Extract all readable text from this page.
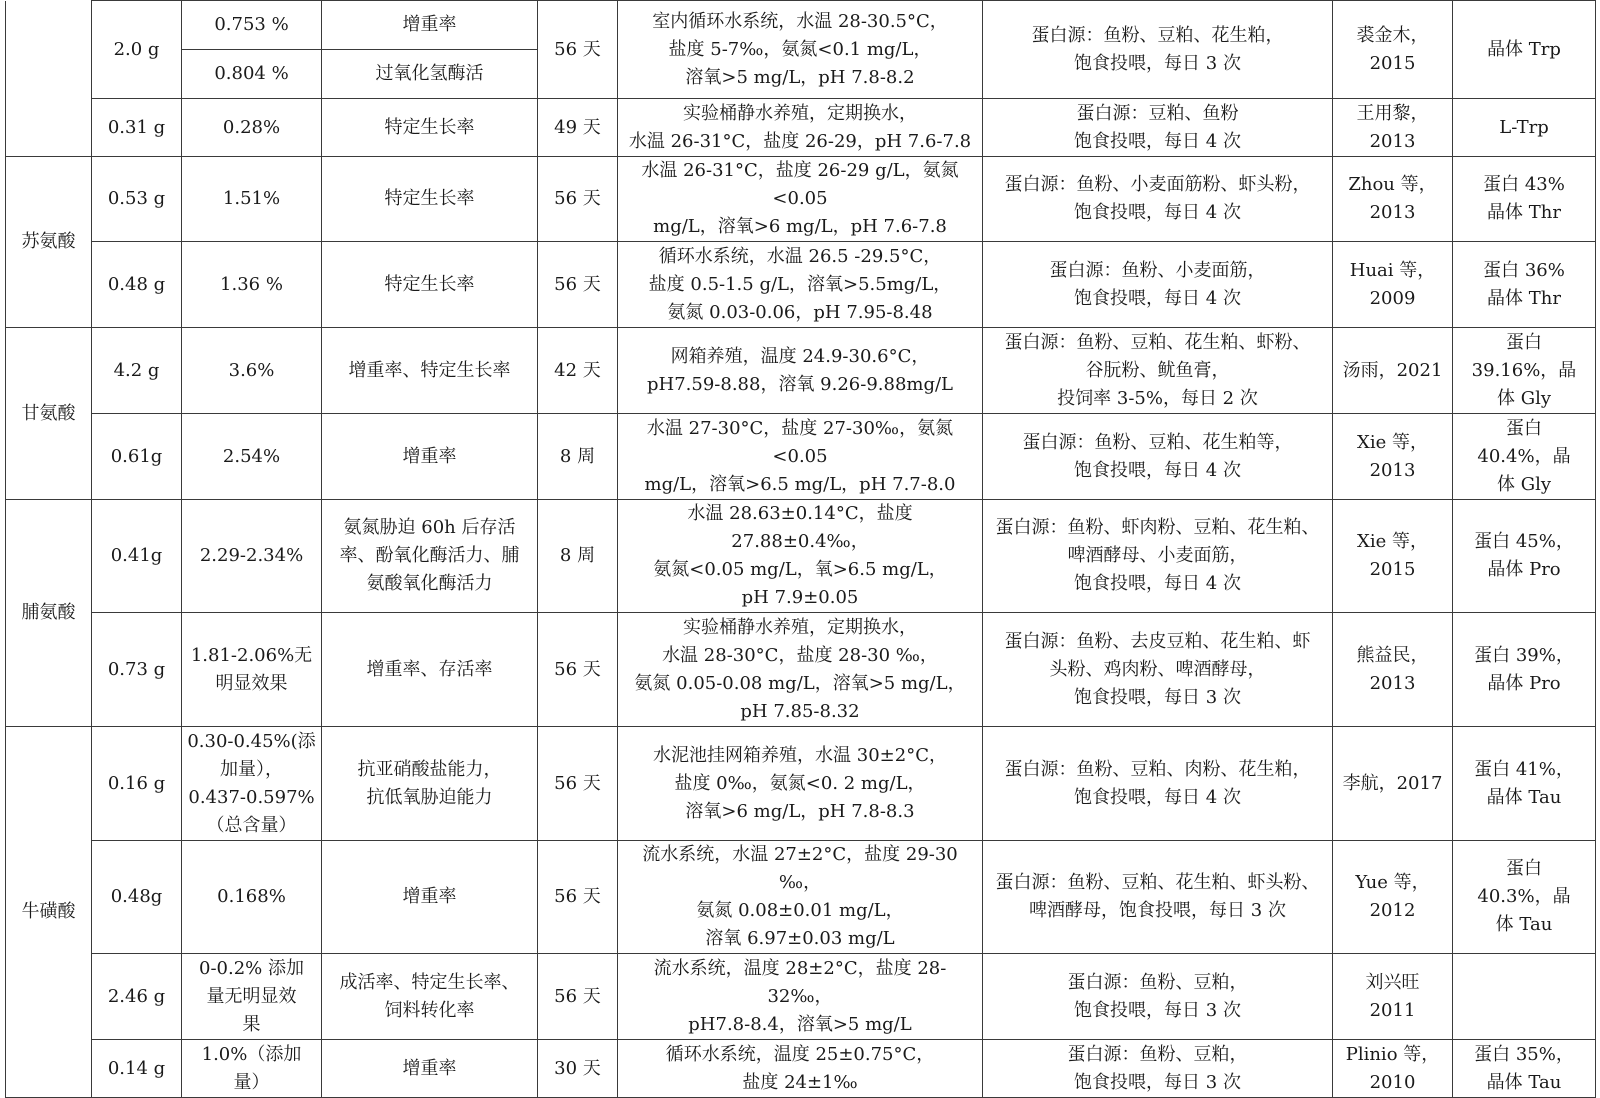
	2.0 g	0.753 %	增重率	56 天	室内循环水系统，水温 28-30.5°C，
盐度 5-7‰，氨氮<0.1 mg/L，
溶氧>5 mg/L，pH 7.8-8.2	蛋白源：鱼粉、豆粕、花生粕，
饱食投喂，每日 3 次	裘金木，
2015	晶体 Trp
		0.804 %	过氧化氢酶活					
	0.31 g	0.28%	特定生长率	49 天	实验桶静水养殖，定期换水，
水温 26-31°C，盐度 26-29，pH 7.6-7.8	蛋白源：豆粕、鱼粉
饱食投喂，每日 4 次	王用黎，
2013	L-Trp
苏氨酸	0.53 g	1.51%	特定生长率	56 天	水温 26-31°C，盐度 26-29 g/L，氨氮<0.05
mg/L，溶氧>6 mg/L，pH 7.6-7.8	蛋白源：鱼粉、小麦面筋粉、虾头粉，
饱食投喂，每日 4 次	Zhou 等，
2013	蛋白 43%
晶体 Thr
	0.48 g	1.36 %	特定生长率	56 天	循环水系统，水温 26.5 -29.5°C，
盐度 0.5-1.5 g/L，溶氧>5.5mg/L，
氨氮 0.03-0.06，pH 7.95-8.48	蛋白源：鱼粉、小麦面筋，
饱食投喂，每日 4 次	Huai 等，
2009	蛋白 36%
晶体 Thr
甘氨酸	4.2 g	3.6%	增重率、特定生长率	42 天	网箱养殖，温度 24.9-30.6°C，
pH7.59-8.88，溶氧 9.26-9.88mg/L	蛋白源：鱼粉、豆粕、花生粕、虾粉、
谷朊粉、鱿鱼膏，
投饲率 3-5%，每日 2 次	汤雨，2021	蛋白
39.16%，晶
体 Gly
	0.61g	2.54%	增重率	8 周	水温 27-30°C，盐度 27-30‰，氨氮<0.05
mg/L，溶氧>6.5 mg/L，pH 7.7-8.0	蛋白源：鱼粉、豆粕、花生粕等，
饱食投喂，每日 4 次	Xie 等，
2013	蛋白
40.4%，晶
体 Gly
脯氨酸	0.41g	2.29-2.34%	氨氮胁迫 60h 后存活
率、酚氧化酶活力、脯
氨酸氧化酶活力	8 周	水温 28.63±0.14°C，盐度 27.88±0.4‰，
氨氮<0.05 mg/L，氧>6.5 mg/L，
pH 7.9±0.05	蛋白源：鱼粉、虾肉粉、豆粕、花生粕、
啤酒酵母、小麦面筋，
饱食投喂，每日 4 次	Xie 等，
2015	蛋白 45%，
晶体 Pro
	0.73 g	1.81-2.06%无
明显效果	增重率、存活率	56 天	实验桶静水养殖，定期换水，
水温 28-30°C，盐度 28-30 ‰，
氨氮 0.05-0.08 mg/L，溶氧>5 mg/L，
pH 7.85-8.32	蛋白源：鱼粉、去皮豆粕、花生粕、虾
头粉、鸡肉粉、啤酒酵母，
饱食投喂，每日 3 次	熊益民，
2013	蛋白 39%，
晶体 Pro
牛磺酸	0.16 g	0.30-0.45%(添
加量），
0.437-0.597%
（总含量）	抗亚硝酸盐能力，
抗低氧胁迫能力	56 天	水泥池挂网箱养殖，水温 30±2°C，
盐度 0‰，氨氮<0. 2 mg/L，
溶氧>6 mg/L，pH 7.8-8.3	蛋白源：鱼粉、豆粕、肉粉、花生粕，
饱食投喂，每日 4 次	李航，2017	蛋白 41%，
晶体 Tau
	0.48g	0.168%	增重率	56 天	流水系统，水温 27±2°C，盐度 29-30 ‰，
氨氮 0.08±0.01 mg/L，
溶氧 6.97±0.03 mg/L	蛋白源：鱼粉、豆粕、花生粕、虾头粉、
啤酒酵母，饱食投喂，每日 3 次	Yue 等，
2012	蛋白
40.3%，晶
体 Tau
	2.46 g	0-0.2% 添加
量无明显效
果	成活率、特定生长率、
饲料转化率	56 天	流水系统，温度 28±2°C，盐度 28-32‰，
pH7.8-8.4，溶氧>5 mg/L	蛋白源：鱼粉、豆粕，
饱食投喂，每日 3 次	刘兴旺
2011	
	0.14 g	1.0%（添加
量）	增重率	30 天	循环水系统，温度 25±0.75°C，
盐度 24±1‰	蛋白源：鱼粉、豆粕，
饱食投喂，每日 3 次	Plinio 等，
2010	蛋白 35%，
晶体 Tau
